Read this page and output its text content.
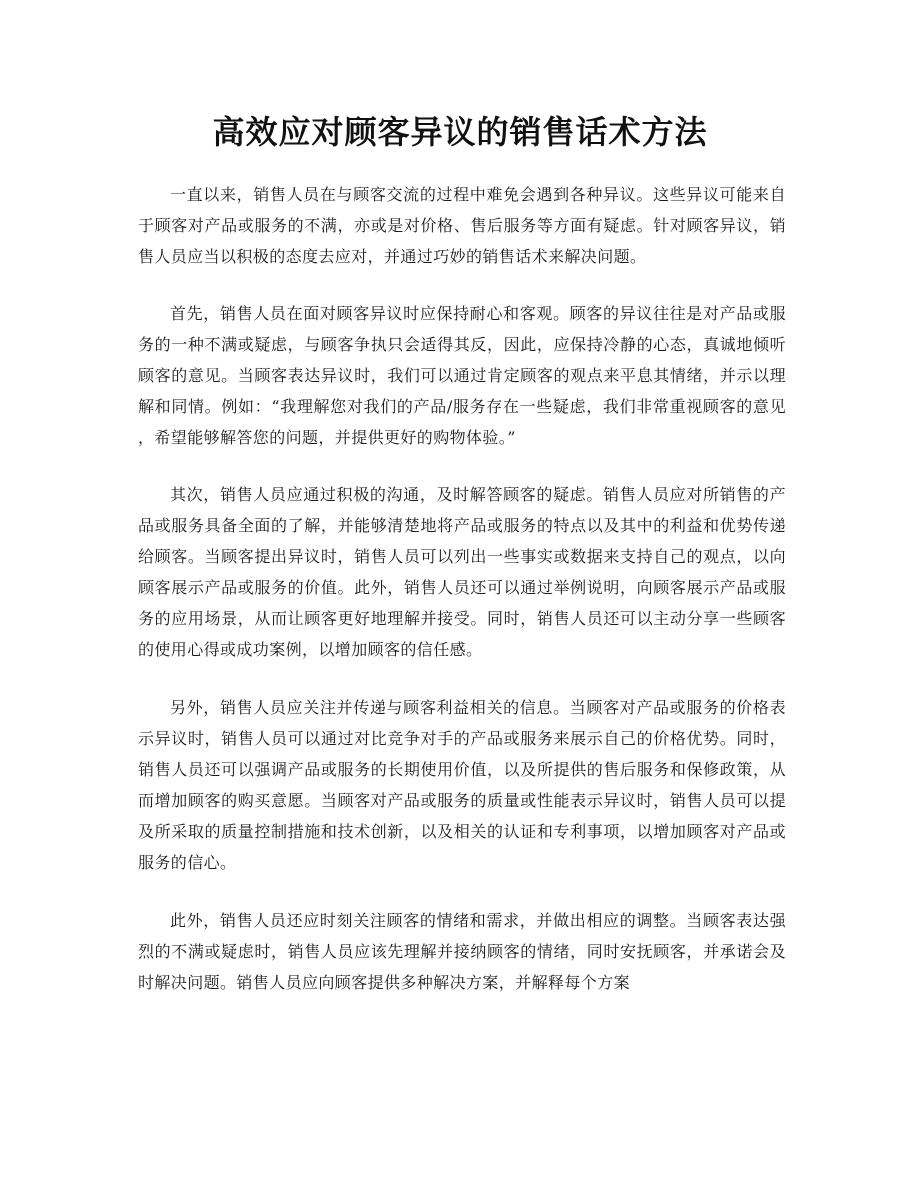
高效应对顾客异议的销售话术方法

一直以来，销售人员在与顾客交流的过程中难免会遇到各种异议。这些异议可能来自于顾客对产品或服务的不满，亦或是对价格、售后服务等方面有疑虑。针对顾客异议，销售人员应当以积极的态度去应对，并通过巧妙的销售话术来解决问题。

首先，销售人员在面对顾客异议时应保持耐心和客观。顾客的异议往往是对产品或服务的一种不满或疑虑，与顾客争执只会适得其反，因此，应保持冷静的心态，真诚地倾听顾客的意见。当顾客表达异议时，我们可以通过肯定顾客的观点来平息其情绪，并示以理解和同情。例如：“我理解您对我们的产品/服务存在一些疑虑，我们非常重视顾客的意见，希望能够解答您的问题，并提供更好的购物体验。”

其次，销售人员应通过积极的沟通，及时解答顾客的疑虑。销售人员应对所销售的产品或服务具备全面的了解，并能够清楚地将产品或服务的特点以及其中的利益和优势传递给顾客。当顾客提出异议时，销售人员可以列出一些事实或数据来支持自己的观点，以向顾客展示产品或服务的价值。此外，销售人员还可以通过举例说明，向顾客展示产品或服务的应用场景，从而让顾客更好地理解并接受。同时，销售人员还可以主动分享一些顾客的使用心得或成功案例，以增加顾客的信任感。

另外，销售人员应关注并传递与顾客利益相关的信息。当顾客对产品或服务的价格表示异议时，销售人员可以通过对比竞争对手的产品或服务来展示自己的价格优势。同时，销售人员还可以强调产品或服务的长期使用价值，以及所提供的售后服务和保修政策，从而增加顾客的购买意愿。当顾客对产品或服务的质量或性能表示异议时，销售人员可以提及所采取的质量控制措施和技术创新，以及相关的认证和专利事项，以增加顾客对产品或服务的信心。

此外，销售人员还应时刻关注顾客的情绪和需求，并做出相应的调整。当顾客表达强烈的不满或疑虑时，销售人员应该先理解并接纳顾客的情绪，同时安抚顾客，并承诺会及时解决问题。销售人员应向顾客提供多种解决方案，并解释每个方案
